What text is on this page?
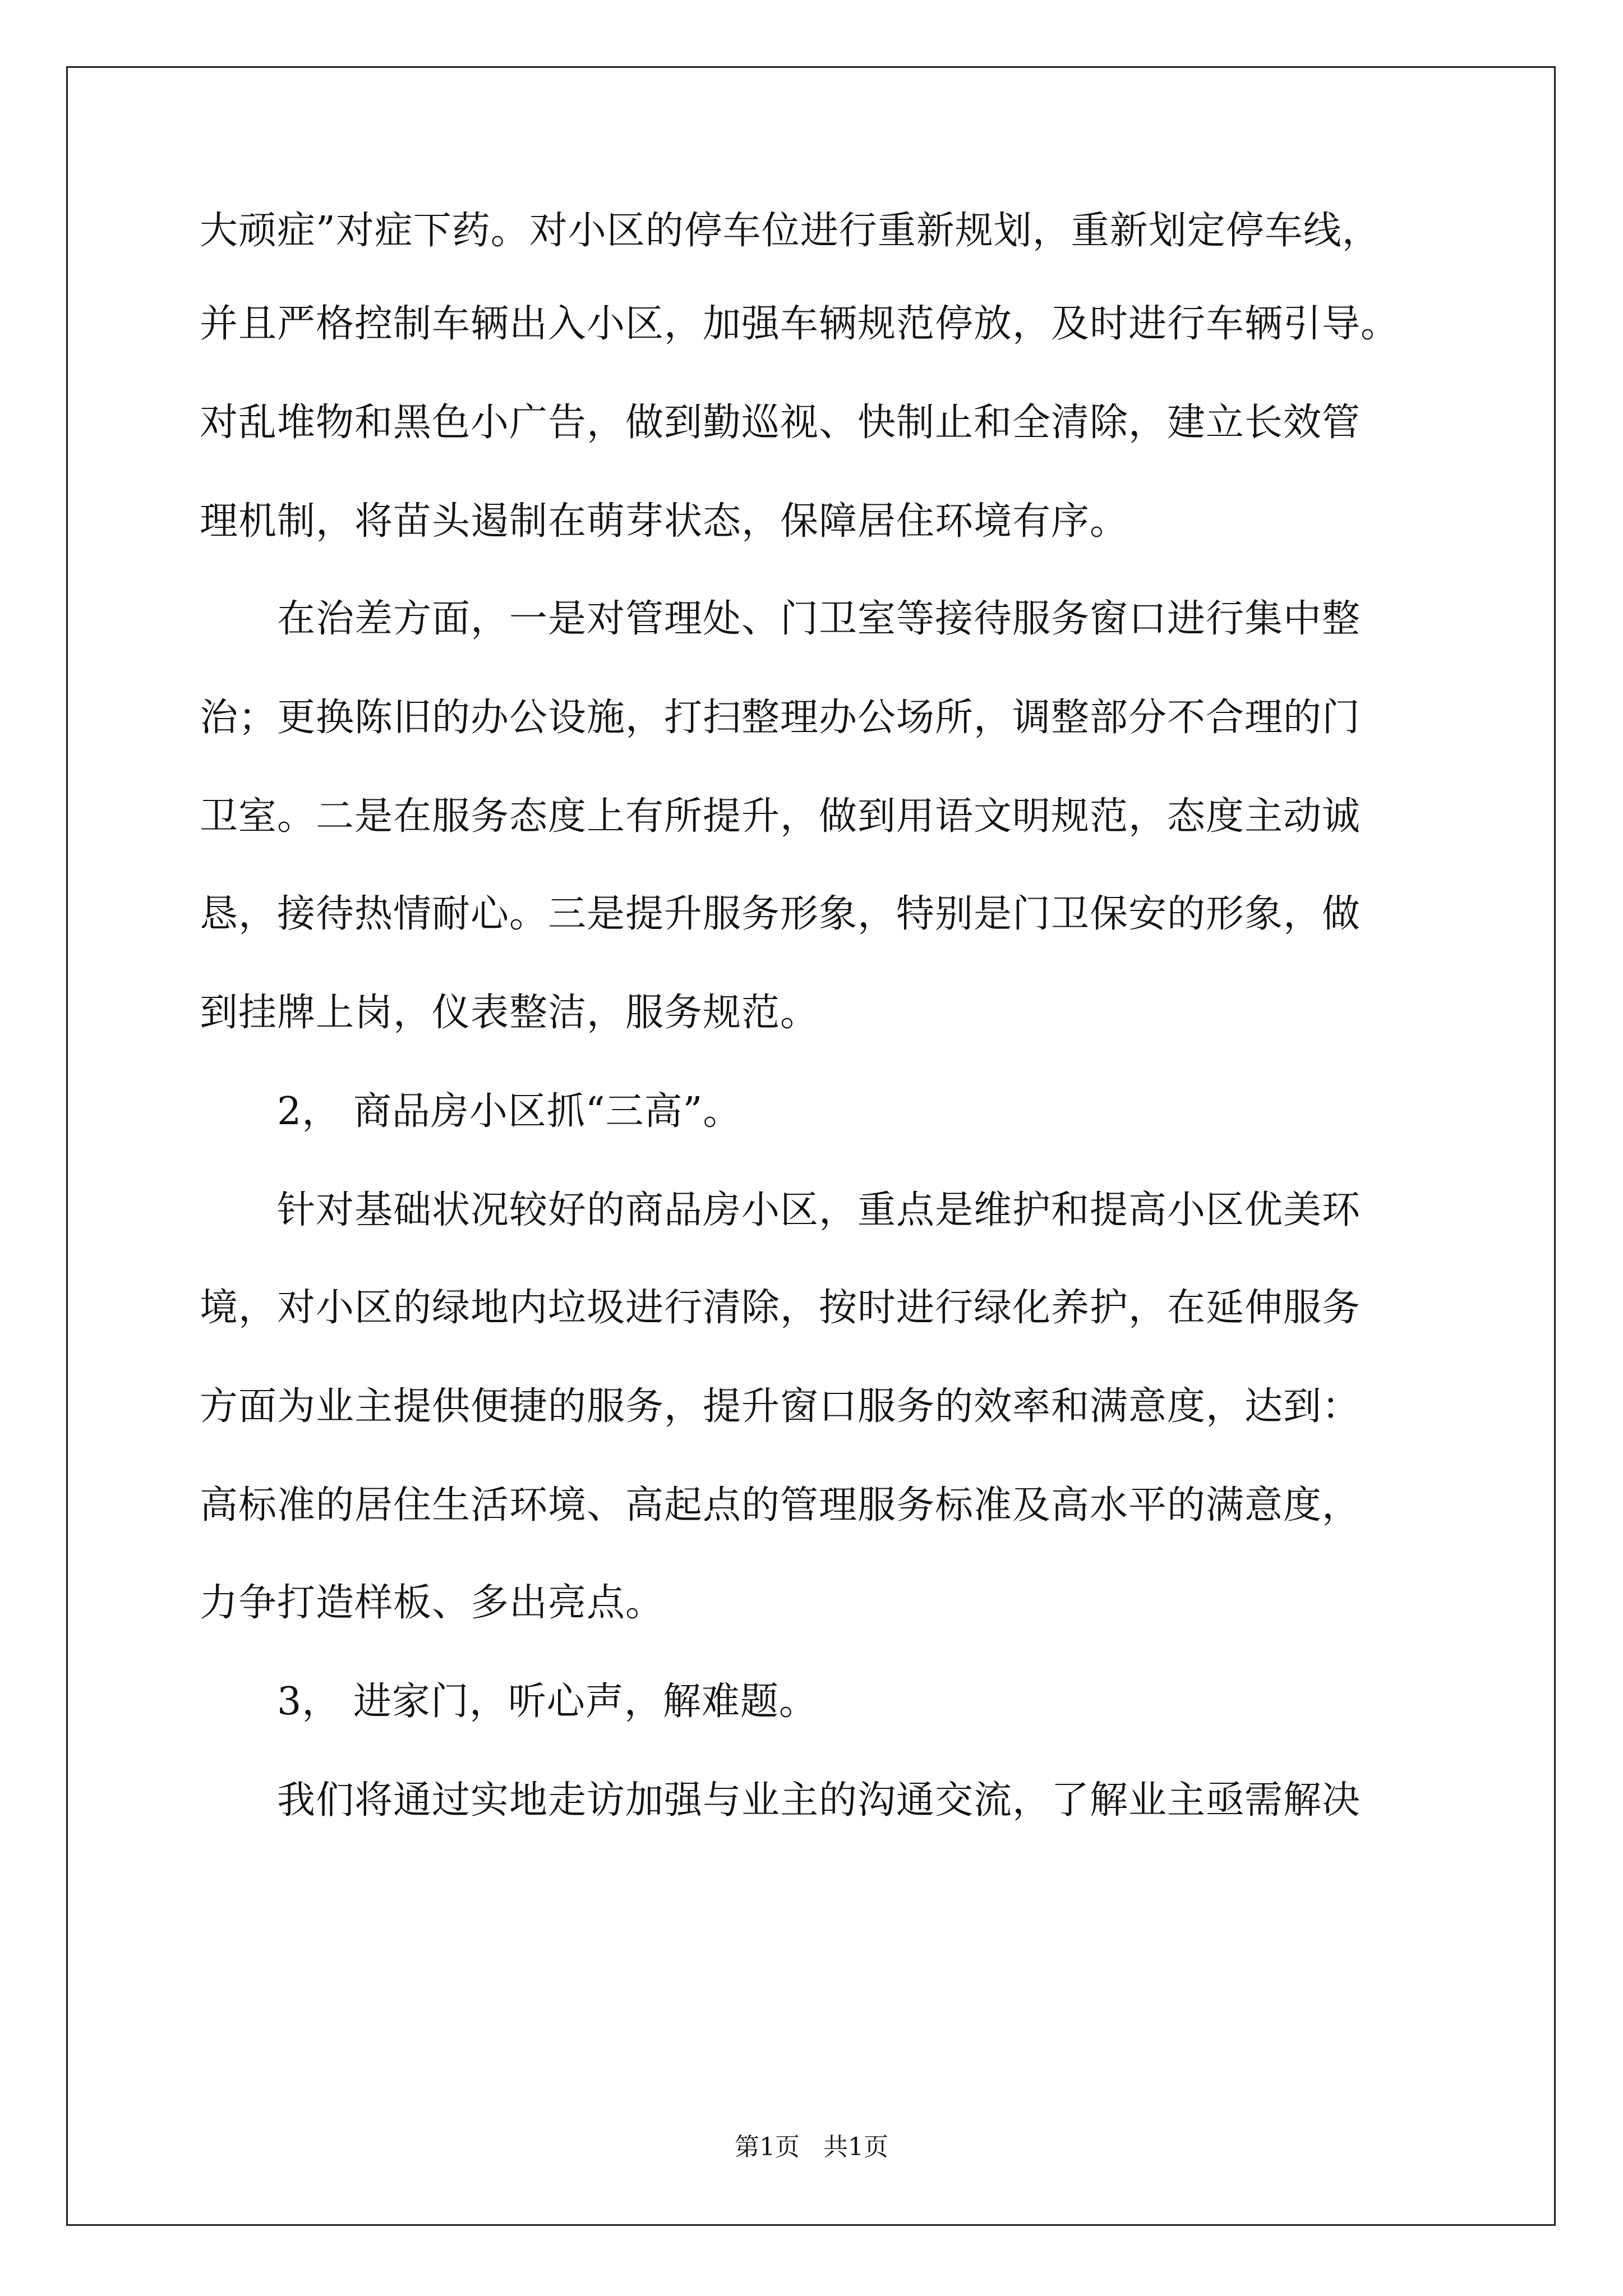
大顽症”对症下药。对小区的停车位进行重新规划，重新划定停车线，
并且严格控制车辆出入小区，加强车辆规范停放，及时进行车辆引导。
对乱堆物和黑色小广告，做到勤巡视、快制止和全清除，建立长效管
理机制，将苗头遏制在萌芽状态，保障居住环境有序。
在治差方面，一是对管理处、门卫室等接待服务窗口进行集中整
治；更换陈旧的办公设施，打扫整理办公场所，调整部分不合理的门
卫室。二是在服务态度上有所提升，做到用语文明规范，态度主动诚
恳，接待热情耐心。三是提升服务形象，特别是门卫保安的形象，做
到挂牌上岗，仪表整洁，服务规范。
2， 商品房小区抓“三高”。
针对基础状况较好的商品房小区，重点是维护和提高小区优美环
境，对小区的绿地内垃圾进行清除，按时进行绿化养护，在延伸服务
方面为业主提供便捷的服务，提升窗口服务的效率和满意度，达到：
高标准的居住生活环境、高起点的管理服务标准及高水平的满意度，
力争打造样板、多出亮点。
3， 进家门，听心声，解难题。
我们将通过实地走访加强与业主的沟通交流，了解业主亟需解决
第1页   共1页
